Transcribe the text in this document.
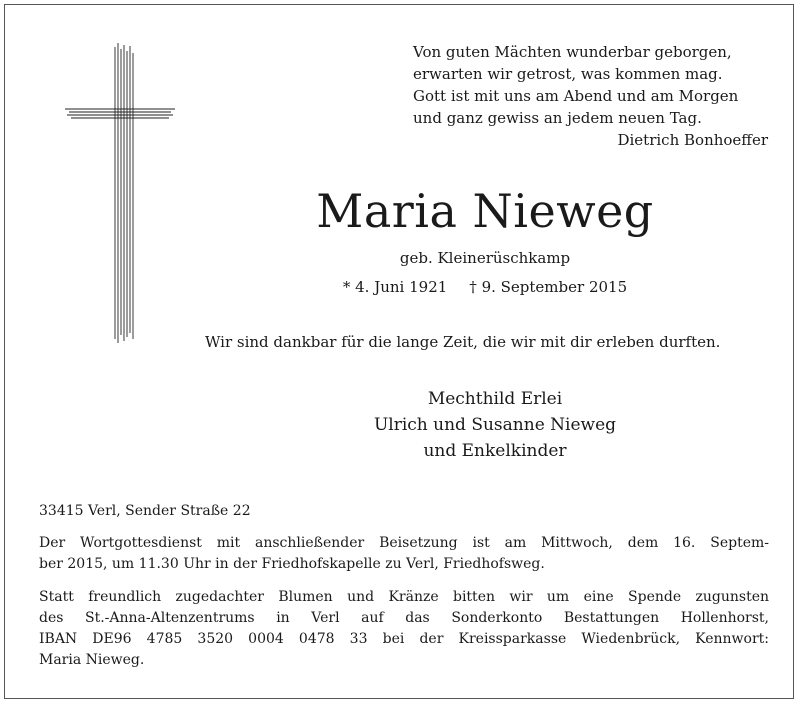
Von guten Mächten wunderbar geborgen,
erwarten wir getrost, was kommen mag.
Gott ist mit uns am Abend und am Morgen
und ganz gewiss an jedem neuen Tag.
Dietrich Bonhoeffer
Maria Nieweg
geb. Kleinerüschkamp
* 4. Juni 1921 † 9. September 2015
Wir sind dankbar für die lange Zeit, die wir mit dir erleben durften.
Mechthild Erlei
Ulrich und Susanne Nieweg
und Enkelkinder
33415 Verl, Sender Straße 22
Der Wortgottesdienst mit anschließender Beisetzung ist am Mittwoch, dem 16. Septem-
ber 2015, um 11.30 Uhr in der Friedhofskapelle zu Verl, Friedhofsweg.
Statt freundlich zugedachter Blumen und Kränze bitten wir um eine Spende zugunsten
des St.-Anna-Altenzentrums in Verl auf das Sonderkonto Bestattungen Hollenhorst,
IBAN DE96 4785 3520 0004 0478 33 bei der Kreissparkasse Wiedenbrück, Kennwort:
Maria Nieweg.
